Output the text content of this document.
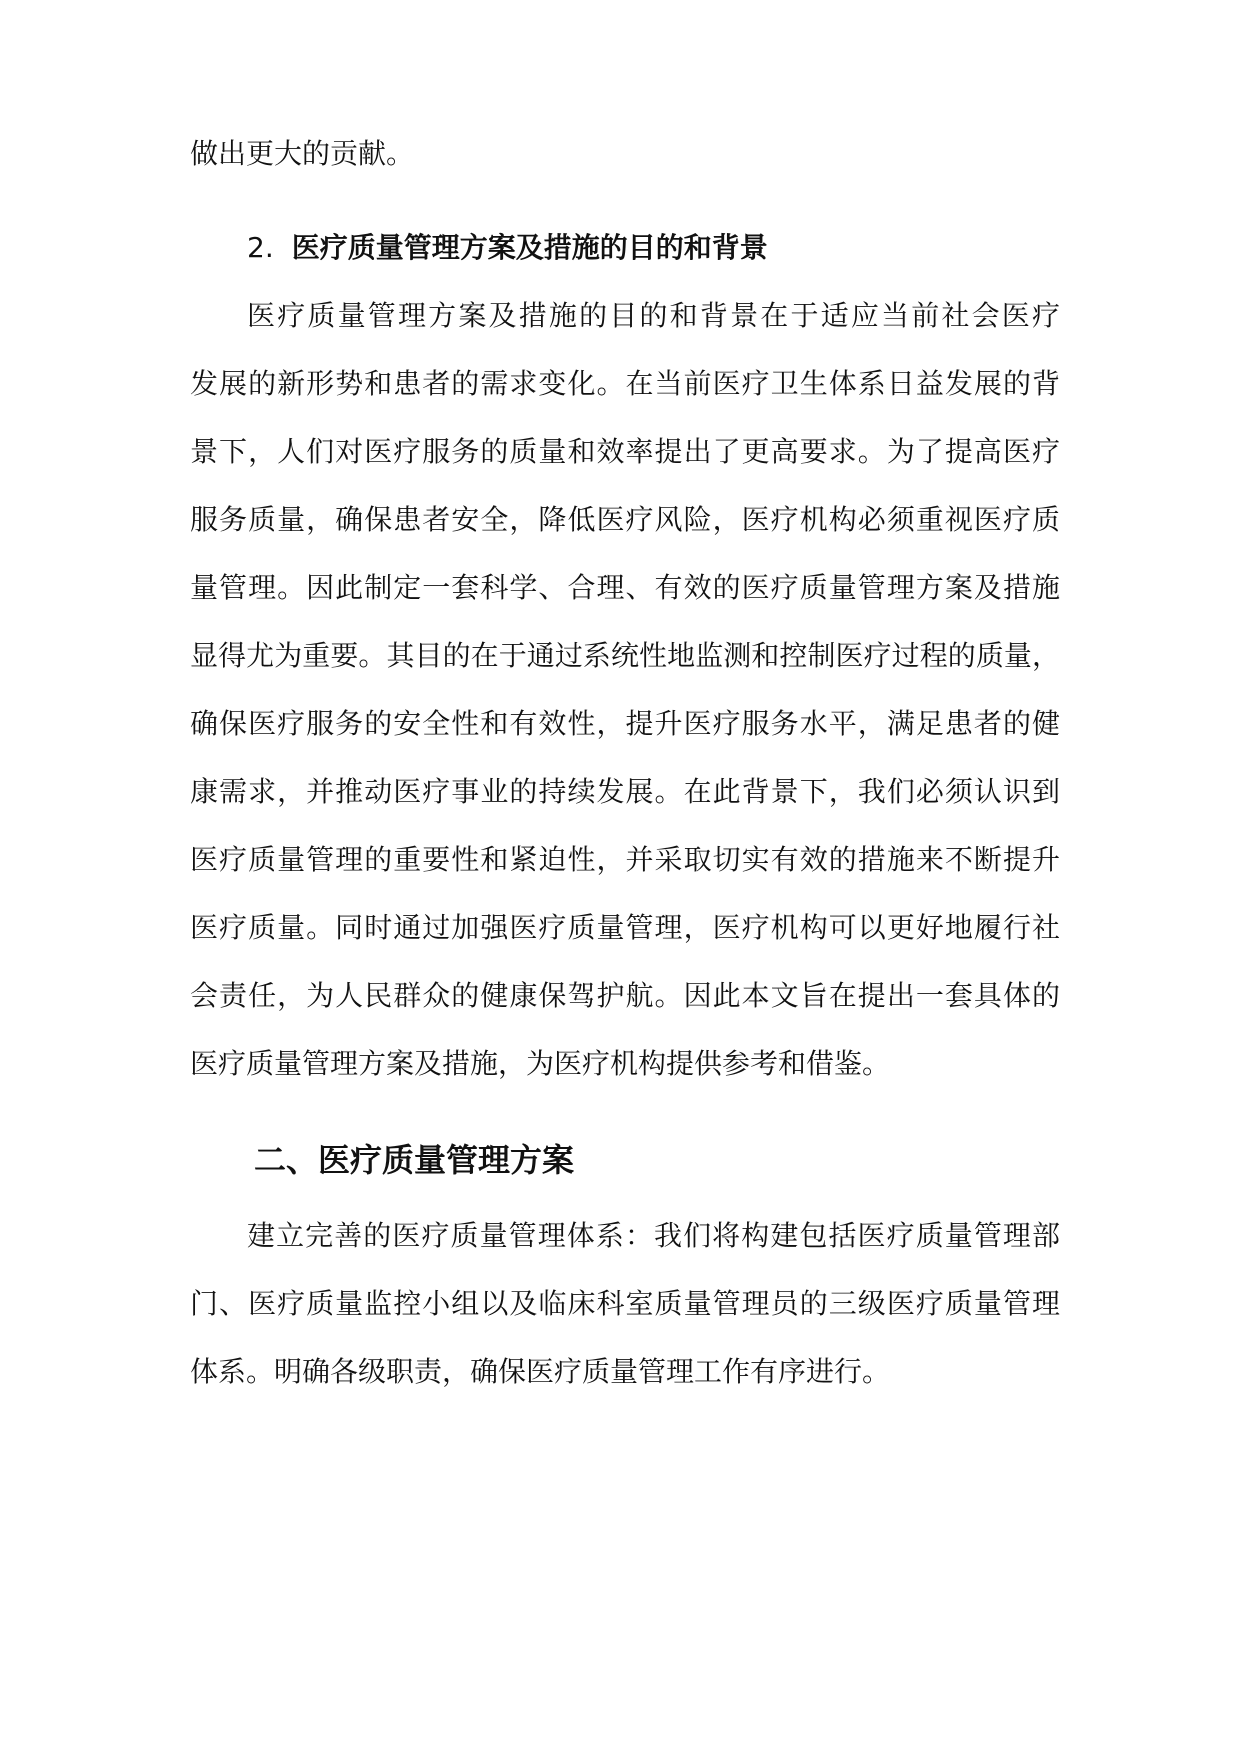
做出更大的贡献。
2. 医疗质量管理方案及措施的目的和背景
医疗质量管理方案及措施的目的和背景在于适应当前社会医疗
发展的新形势和患者的需求变化。在当前医疗卫生体系日益发展的背
景下，人们对医疗服务的质量和效率提出了更高要求。为了提高医疗
服务质量，确保患者安全，降低医疗风险，医疗机构必须重视医疗质
量管理。因此制定一套科学、合理、有效的医疗质量管理方案及措施
显得尤为重要。其目的在于通过系统性地监测和控制医疗过程的质量，
确保医疗服务的安全性和有效性，提升医疗服务水平，满足患者的健
康需求，并推动医疗事业的持续发展。在此背景下，我们必须认识到
医疗质量管理的重要性和紧迫性，并采取切实有效的措施来不断提升
医疗质量。同时通过加强医疗质量管理，医疗机构可以更好地履行社
会责任，为人民群众的健康保驾护航。因此本文旨在提出一套具体的
医疗质量管理方案及措施，为医疗机构提供参考和借鉴。
二、医疗质量管理方案
建立完善的医疗质量管理体系：我们将构建包括医疗质量管理部
门、医疗质量监控小组以及临床科室质量管理员的三级医疗质量管理
体系。明确各级职责，确保医疗质量管理工作有序进行。
